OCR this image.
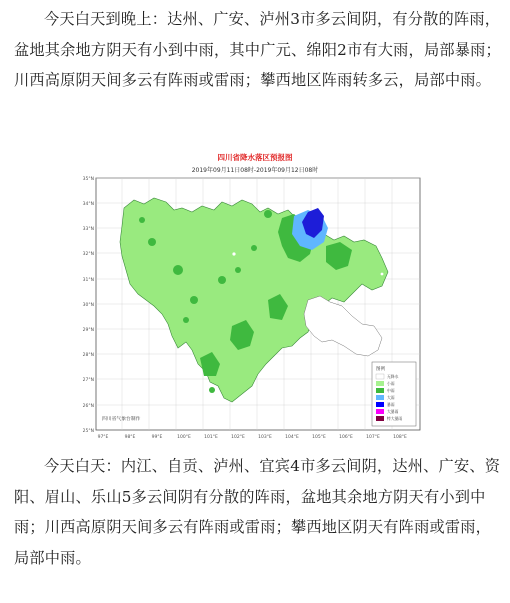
今天白天到晚上：达州、广安、泸州3市多云间阴，有分散的阵雨，盆地其余地方阴天有小到中雨，其中广元、绵阳2市有大雨，局部暴雨；川西高原阴天间多云有阵雨或雷雨；攀西地区阵雨转多云，局部中雨。
四川省降水落区预报图
2019年09月11日08时-2019年09月12日08时
35°N
34°N
33°N
32°N
31°N
30°N
29°N
28°N
27°N
26°N
25°N
97°E	98°E	99°E	100°E	101°E	102°E	103°E	104°E	105°E	106°E	107°E	108°E
图例
无降水
小雨
中雨
大雨
暴雨
大暴雨
特大暴雨
四川省气象台制作
今天白天：内江、自贡、泸州、宜宾4市多云间阴，达州、广安、资阳、眉山、乐山5多云间阴有分散的阵雨，盆地其余地方阴天有小到中雨；川西高原阴天间多云有阵雨或雷雨；攀西地区阴天有阵雨或雷雨，局部中雨。
